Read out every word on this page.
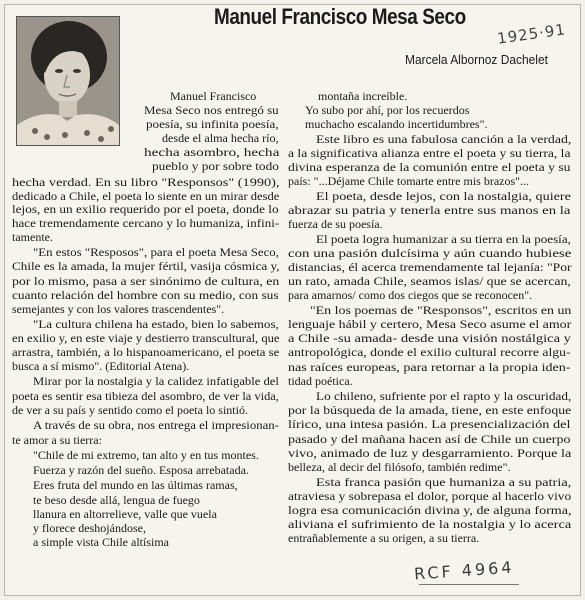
Manuel Francisco Mesa Seco
1925·91
Marcela Albornoz Dachelet
Manuel Francisco
Mesa Seco nos entregó su
poesía, su infinita poesía,
desde el alma hecha río,
hecha asombro, hecha
pueblo y por sobre todo
hecha verdad. En su libro "Responsos" (1990),
dedicado a Chile, el poeta lo siente en un mirar desde
lejos, en un exilio requerido por el poeta, donde lo
hace tremendamente cercano y lo humaniza, infini-
tamente.
"En estos "Resposos", para el poeta Mesa Seco,
Chile es la amada, la mujer fértil, vasija cósmica y,
por lo mismo, pasa a ser sinónimo de cultura, en
cuanto relación del hombre con su medio, con sus
semejantes y con los valores trascendentes".
"La cultura chilena ha estado, bien lo sabemos,
en exilio y, en este viaje y destierro transcultural, que
arrastra, también, a lo hispanoamericano, el poeta se
busca a sí mismo". (Editorial Atena).
Mirar por la nostalgia y la calidez infatigable del
poeta es sentir esa tibieza del asombro, de ver la vida,
de ver a su país y sentido como el poeta lo sintió.
A través de su obra, nos entrega el impresionan-
te amor a su tierra:
"Chile de mi extremo, tan alto y en tus montes.
Fuerza y razón del sueño. Esposa arrebatada.
Eres fruta del mundo en las últimas ramas,
te beso desde allá, lengua de fuego
llanura en altorrelieve, valle que vuela
y florece deshojándose,
a simple vista Chile altísima
montaña increíble.
Yo subo por ahí, por los recuerdos
muchacho escalando incertidumbres".
Este libro es una fabulosa canción a la verdad,
a la significativa alianza entre el poeta y su tierra, la
divina esperanza de la comunión entre el poeta y su
país: "...Déjame Chile tomarte entre mis brazos"...
El poeta, desde lejos, con la nostalgia, quiere
abrazar su patria y tenerla entre sus manos en la
fuerza de su poesía.
El poeta logra humanizar a su tierra en la poesía,
con una pasión dulcísima y aún cuando hubiese
distancias, él acerca tremendamente tal lejanía: "Por
un rato, amada Chile, seamos islas/ que se acercan,
para amarnos/ como dos ciegos que se reconocen".
"En los poemas de "Responsos", escritos en un
lenguaje hábil y certero, Mesa Seco asume el amor
a Chile -su amada- desde una visión nostálgica y
antropológica, donde el exilio cultural recorre algu-
nas raíces europeas, para retornar a la propia iden-
tidad poética.
Lo chileno, sufriente por el rapto y la oscuridad,
por la búsqueda de la amada, tiene, en este enfoque
lírico, una intesa pasión. La presencialización del
pasado y del mañana hacen así de Chile un cuerpo
vivo, animado de luz y desgarramiento. Porque la
belleza, al decir del filósofo, también redime".
Esta franca pasión que humaniza a su patria,
atraviesa y sobrepasa el dolor, porque al hacerlo vivo
logra esa comunicación divina y, de alguna forma,
aliviana el sufrimiento de la nostalgia y lo acerca
entrañablemente a su origen, a su tierra.
RCF 4964
